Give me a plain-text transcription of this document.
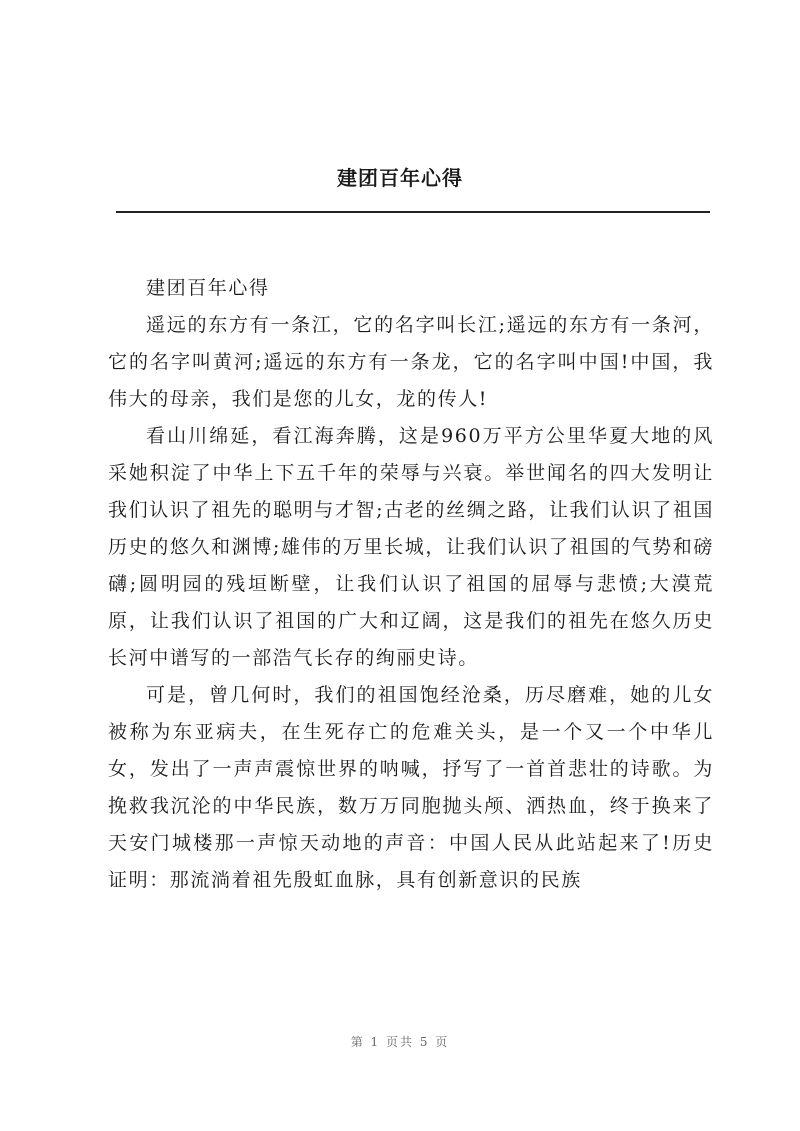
建团百年心得

建团百年心得

遥远的东方有一条江，它的名字叫长江;遥远的东方有一条河，它的名字叫黄河;遥远的东方有一条龙，它的名字叫中国!中国，我伟大的母亲，我们是您的儿女，龙的传人!

看山川绵延，看江海奔腾，这是960万平方公里华夏大地的风采她积淀了中华上下五千年的荣辱与兴衰。举世闻名的四大发明让我们认识了祖先的聪明与才智;古老的丝绸之路，让我们认识了祖国历史的悠久和渊博;雄伟的万里长城，让我们认识了祖国的气势和磅礴;圆明园的残垣断壁，让我们认识了祖国的屈辱与悲愤;大漠荒原，让我们认识了祖国的广大和辽阔，这是我们的祖先在悠久历史长河中谱写的一部浩气长存的绚丽史诗。

可是，曾几何时，我们的祖国饱经沧桑，历尽磨难，她的儿女被称为东亚病夫，在生死存亡的危难关头，是一个又一个中华儿女，发出了一声声震惊世界的呐喊，抒写了一首首悲壮的诗歌。为挽救我沉沦的中华民族，数万万同胞抛头颅、洒热血，终于换来了天安门城楼那一声惊天动地的声音：中国人民从此站起来了!历史证明：那流淌着祖先殷虹血脉，具有创新意识的民族

第 1 页共 5 页
